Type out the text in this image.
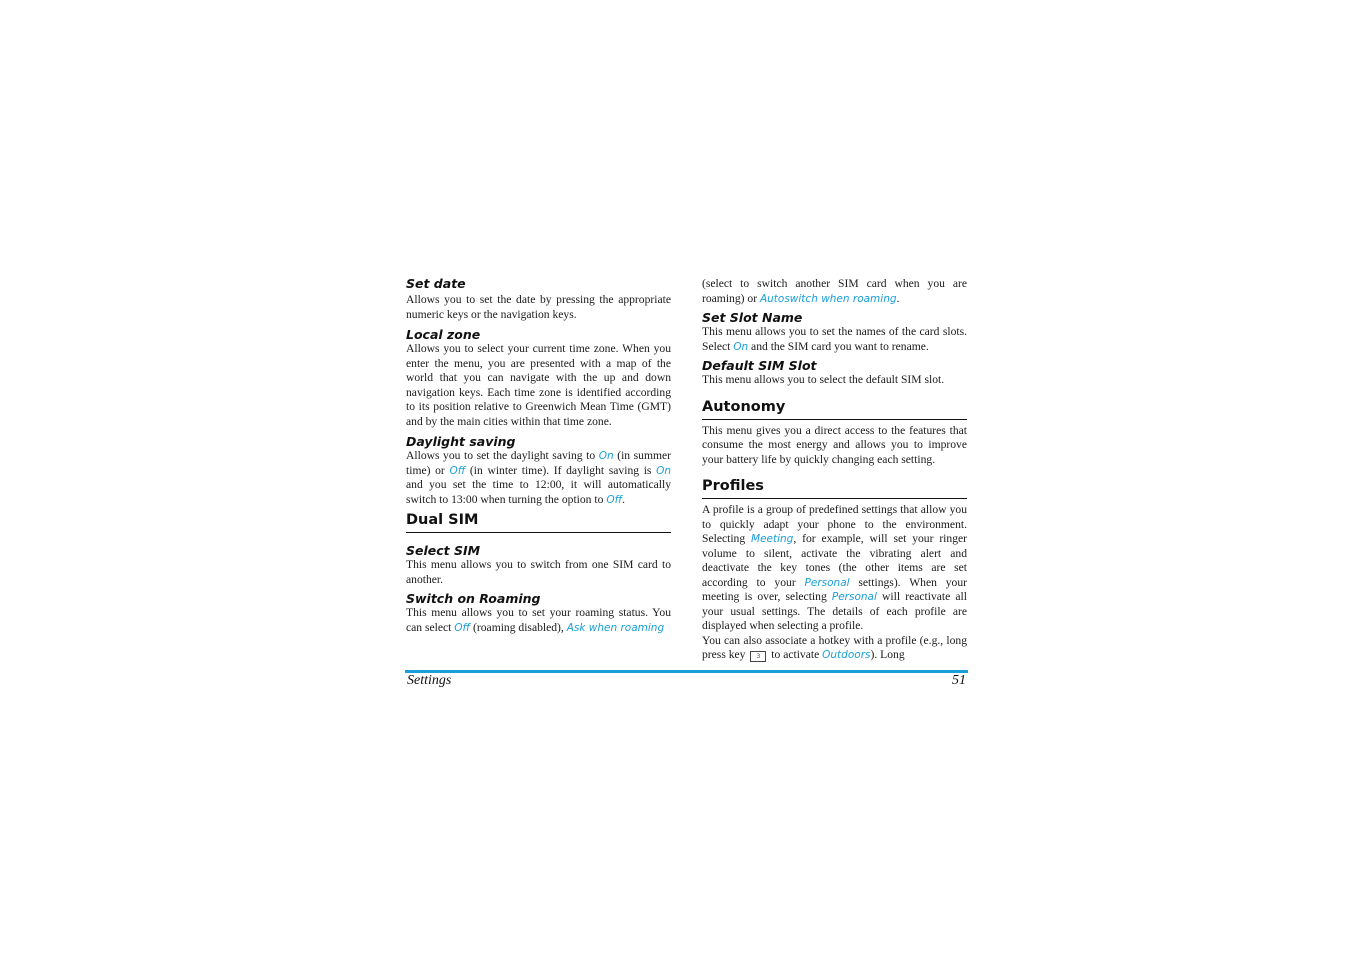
Set date

Allows you to set the date by pressing the appropriate numeric keys or the navigation keys.

Local zone

Allows you to select your current time zone. When you enter the menu, you are presented with a map of the world that you can navigate with the up and down navigation keys. Each time zone is identified according to its position relative to Greenwich Mean Time (GMT) and by the main cities within that time zone.

Daylight saving

Allows you to set the daylight saving to On (in summer time) or Off (in winter time). If daylight saving is On and you set the time to 12:00, it will automatically switch to 13:00 when turning the option to Off.

Dual SIM
Select SIM

This menu allows you to switch from one SIM card to another.

Switch on Roaming

This menu allows you to set your roaming status. You can select Off (roaming disabled), Ask when roaming

(select to switch another SIM card when you are roaming) or Autoswitch when roaming.

Set Slot Name

This menu allows you to set the names of the card slots. Select On and the SIM card you want to rename.

Default SIM Slot

This menu allows you to select the default SIM slot.

Autonomy

This menu gives you a direct access to the features that consume the most energy and allows you to improve your battery life by quickly changing each setting.

Profiles

A profile is a group of predefined settings that allow you to quickly adapt your phone to the environment. Selecting Meeting, for example, will set your ringer volume to silent, activate the vibrating alert and deactivate the key tones (the other items are set according to your Personal settings). When your meeting is over, selecting Personal will reactivate all your usual settings. The details of each profile are displayed when selecting a profile.

You can also associate a hotkey with a profile (e.g., long press key 3 to activate Outdoors). Long

Settings	51
